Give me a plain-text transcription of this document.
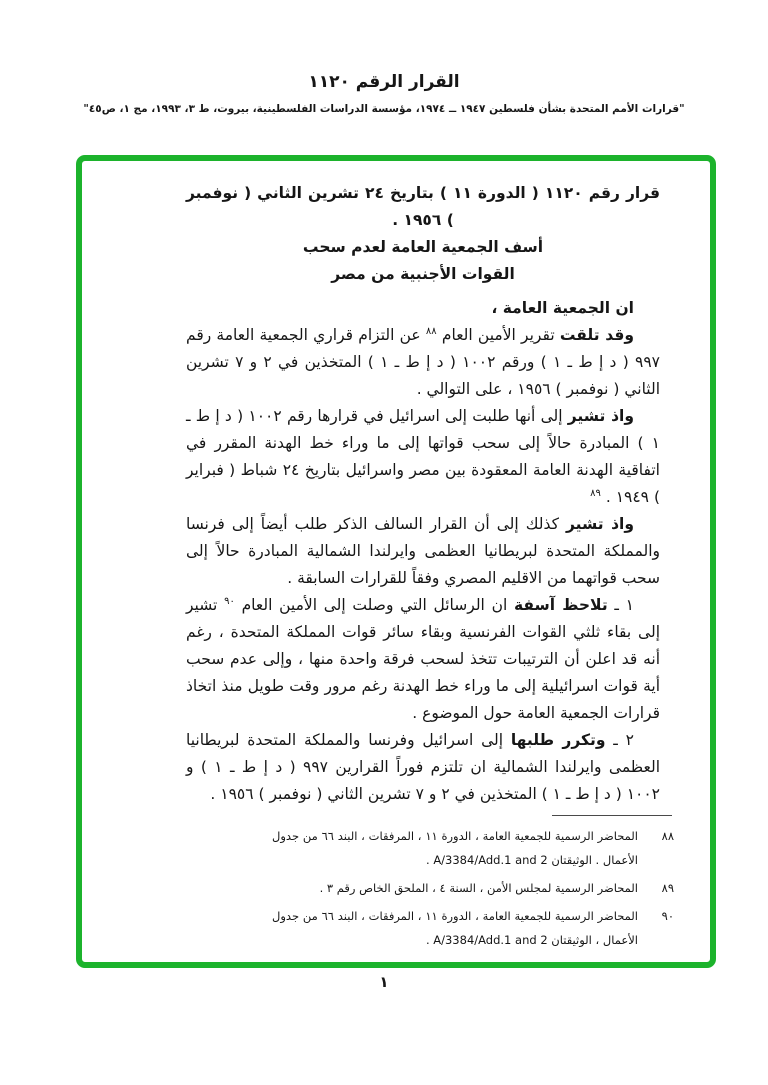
القرار الرقم ١١٢٠
"قرارات الأمم المتحدة بشأن فلسطين ١٩٤٧ ــ ١٩٧٤، مؤسسة الدراسات الفلسطينية، بيروت، ط ٣، ١٩٩٣، مج ١، ص٤٥"

قرار رقم ١١٢٠ ( الدورة ١١ ) بتاريخ ٢٤ تشرين الثاني ( نوفمبر ) ١٩٥٦ .

أسف الجمعية العامة لعدم سحب

القوات الأجنبية من مصر

ان الجمعية العامة ،

وقد تلقت تقرير الأمين العام $^{٨٨}$ عن التزام قراري الجمعية العامة رقم ٩٩٧ ( د إ ط ـ ١ ) ورقم ١٠٠٢ ( د إ ط ـ ١ ) المتخذين في ٢ و ٧ تشرين الثاني ( نوفمبر ) ١٩٥٦ ، على التوالي .

واذ تشير إلى أنها طلبت إلى اسرائيل في قرارها رقم ١٠٠٢ ( د إ ط ـ ١ ) المبادرة حالاً إلى سحب قواتها إلى ما وراء خط الهدنة المقرر في اتفاقية الهدنة العامة المعقودة بين مصر واسرائيل بتاريخ ٢٤ شباط ( فبراير ) ١٩٤٩ . $^{٨٩}$

واذ تشير كذلك إلى أن القرار السالف الذكر طلب أيضاً إلى فرنسا والمملكة المتحدة لبريطانيا العظمى وايرلندا الشمالية المبادرة حالاً إلى سحب قواتهما من الاقليم المصري وفقاً للقرارات السابقة .

١ ـ تلاحظ آسفة ان الرسائل التي وصلت إلى الأمين العام $^{٩٠}$ تشير إلى بقاء ثلثي القوات الفرنسية وبقاء سائر قوات المملكة المتحدة ، رغم أنه قد اعلن أن الترتيبات تتخذ لسحب فرقة واحدة منها ، وإلى عدم سحب أية قوات اسرائيلية إلى ما وراء خط الهدنة رغم مرور وقت طويل منذ اتخاذ قرارات الجمعية العامة حول الموضوع .

٢ ـ وتكرر طلبها إلى اسرائيل وفرنسا والمملكة المتحدة لبريطانيا العظمى وايرلندا الشمالية ان تلتزم فوراً القرارين ٩٩٧ ( د إ ط ـ ١ ) و ١٠٠٢ ( د إ ط ـ ١ ) المتخذين في ٢ و ٧ تشرين الثاني ( نوفمبر ) ١٩٥٦ .

٨٨
المحاضر الرسمية للجمعية العامة ، الدورة ١١ ، المرفقات ، البند ٦٦ من جدول الأعمال . الوثيقتان A/3384/Add.1 and 2 .
٨٩
المحاضر الرسمية لمجلس الأمن ، السنة ٤ ، الملحق الخاص رقم ٣ .
٩٠
المحاضر الرسمية للجمعية العامة ، الدورة ١١ ، المرفقات ، البند ٦٦ من جدول الأعمال ، الوثيقتان A/3384/Add.1 and 2 .
١
